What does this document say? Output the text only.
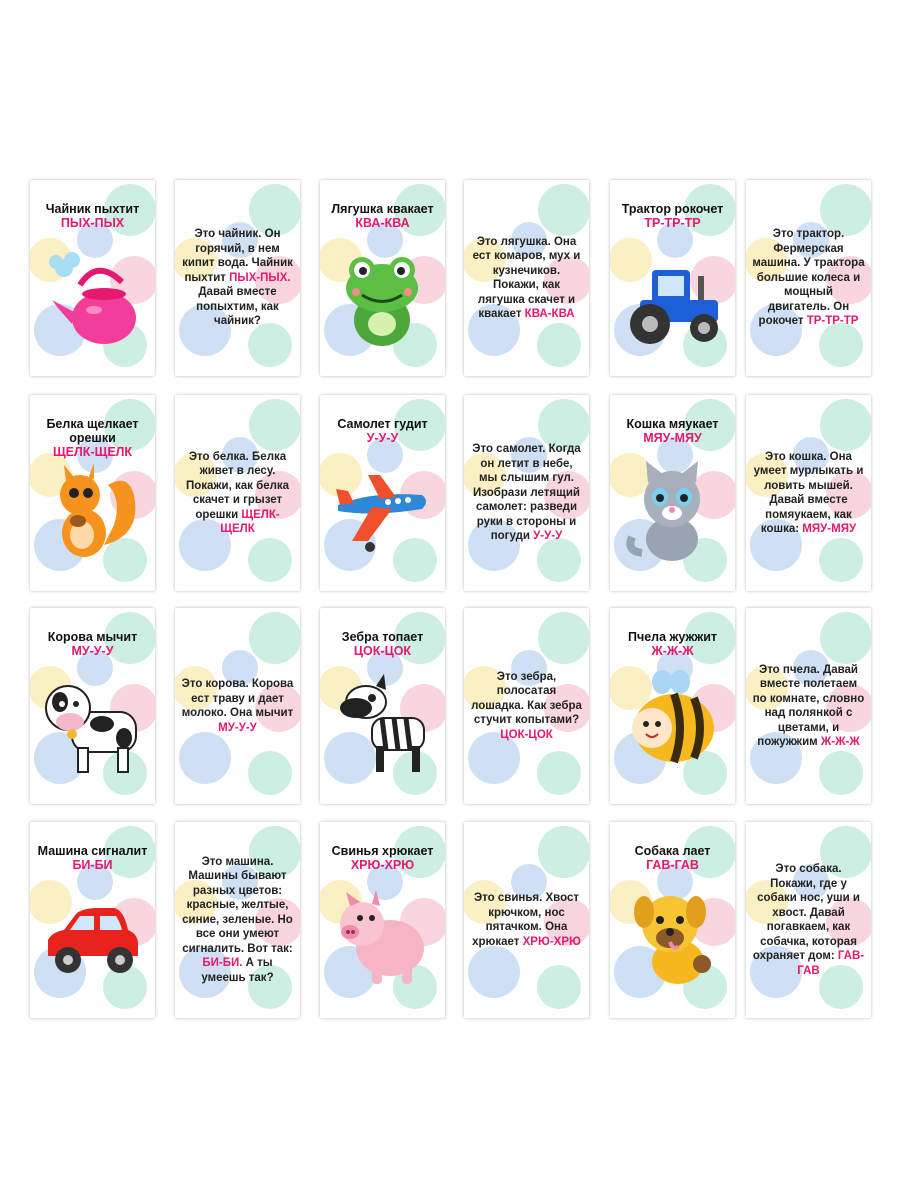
Чайник пыхтит
ПЫХ-ПЫХ
Это чайник. Он горячий, в нем кипит вода. Чайник пыхтит ПЫХ-ПЫХ. Давай вместе попыхтим, как чайник?
Лягушка квакает
КВА-КВА
Это лягушка. Она ест комаров, мух и кузнечиков. Покажи, как лягушка скачет и квакает КВА-КВА
Трактор рокочет
ТР-ТР-ТР
Это трактор. Фермерская машина. У трактора большие колеса и мощный двигатель. Он рокочет ТР-ТР-ТР
Белка щелкает орешки
ЩЕЛК-ЩЕЛК	Это белка. Белка живет в лесу. Покажи, как белка скачет и грызет орешки ЩЕЛК-ЩЕЛК
Самолет гудит
У-У-У
Это самолет. Когда он летит в небе, мы слышим гул. Изобрази летящий самолет: разведи руки в стороны и погуди У-У-У
Кошка мяукает
МЯУ-МЯУ
Это кошка. Она умеет мурлыкать и ловить мышей. Давай вместе помяукаем, как кошка: МЯУ-МЯУ
Корова мычит
МУ-У-У
Это корова. Корова ест траву и дает молоко. Она мычит МУ-У-У
Зебра топает
ЦОК-ЦОК
Это зебра, полосатая лошадка. Как зебра стучит копытами? ЦОК-ЦОК
Пчела жужжит
Ж-Ж-Ж
Это пчела. Давай вместе полетаем по комнате, словно над полянкой с цветами, и пожужжим Ж-Ж-Ж
Машина сигналит
БИ-БИ	Это машина. Машины бывают разных цветов: красные, желтые, синие, зеленые. Но все они умеют сигналить. Вот так: БИ-БИ. А ты умеешь так?
Свинья хрюкает
ХРЮ-ХРЮ
Это свинья. Хвост крючком, нос пятачком. Она хрюкает ХРЮ-ХРЮ
Собака лает
ГАВ-ГАВ	Это собака. Покажи, где у собаки нос, уши и хвост. Давай погавкаем, как собачка, которая охраняет дом: ГАВ-ГАВ
